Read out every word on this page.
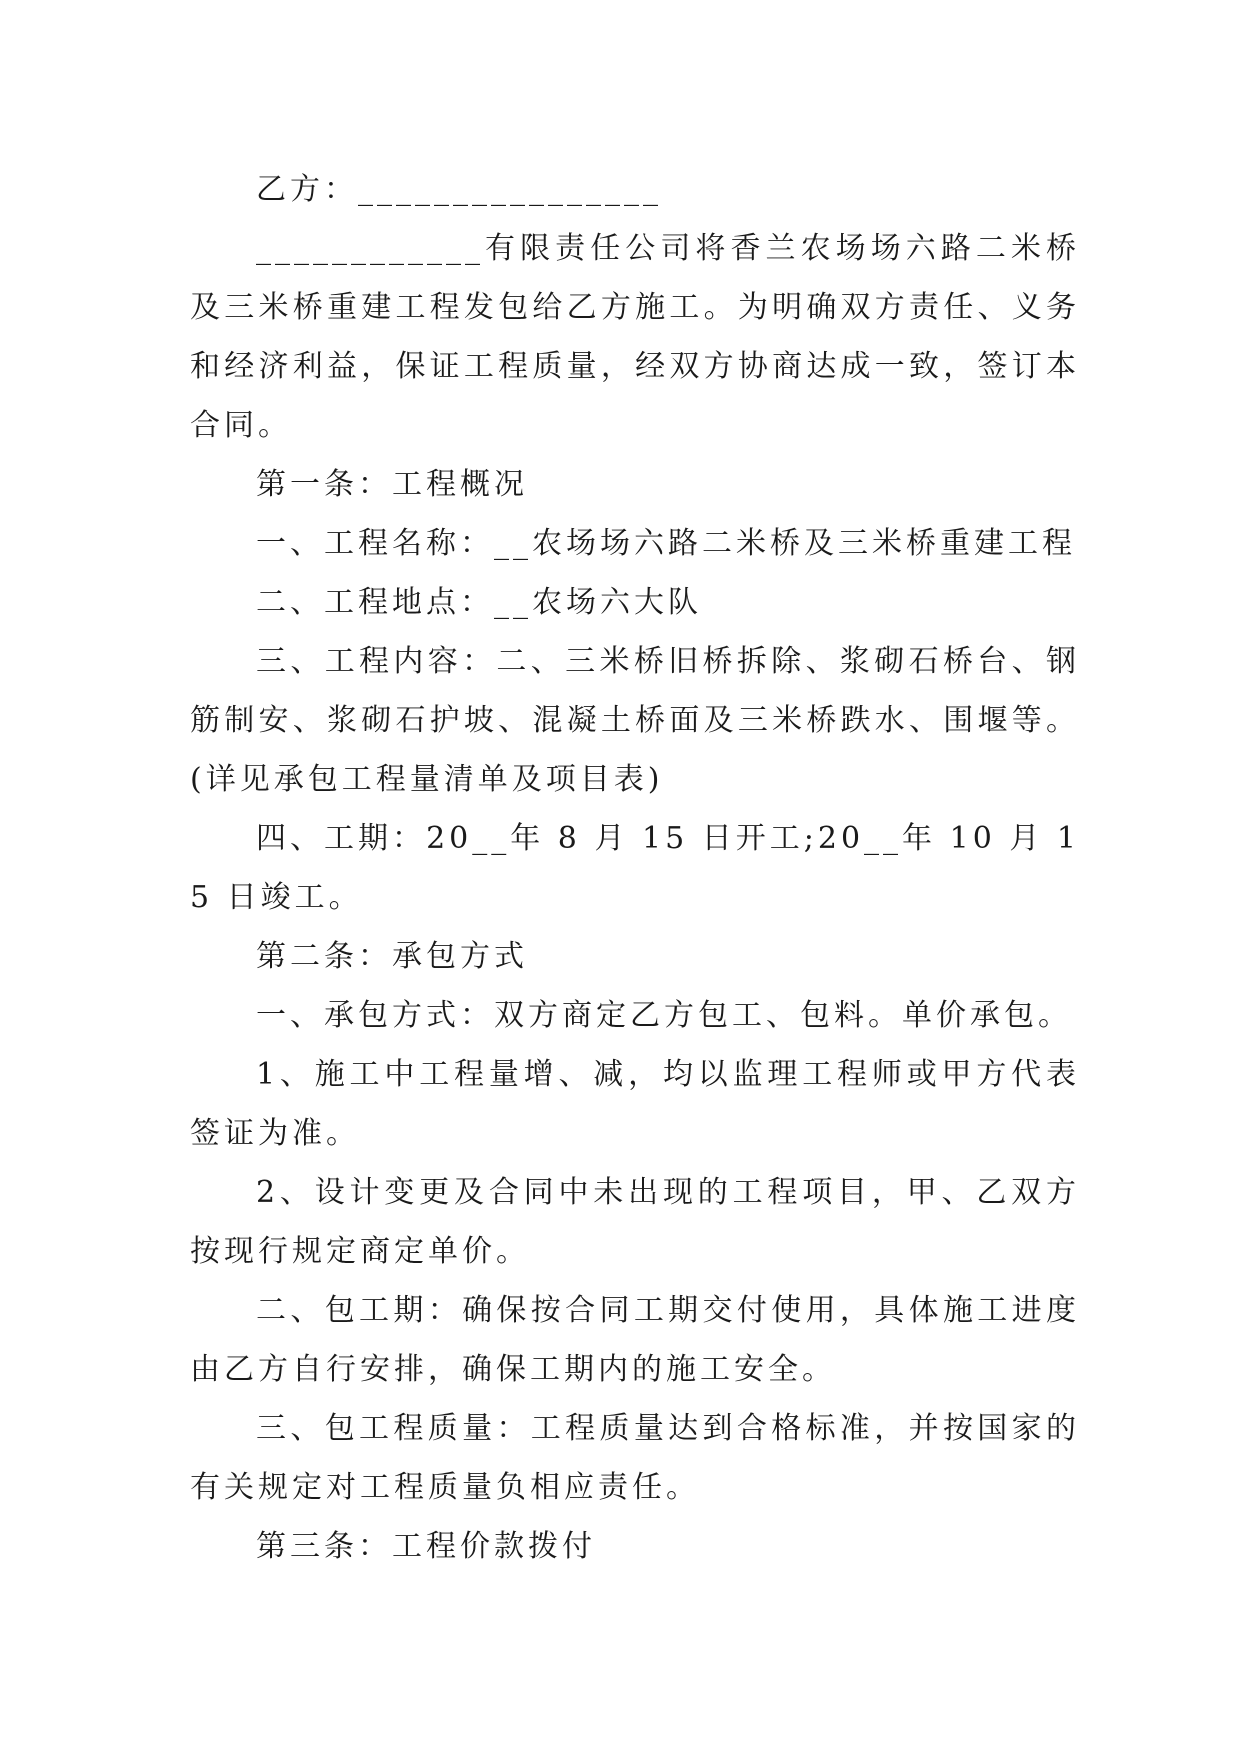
乙方：________________

____________有限责任公司将香兰农场场六路二米桥及三米桥重建工程发包给乙方施工。为明确双方责任、义务和经济利益，保证工程质量，经双方协商达成一致，签订本合同。

第一条：工程概况

一、工程名称：__农场场六路二米桥及三米桥重建工程

二、工程地点：__农场六大队

三、工程内容：二、三米桥旧桥拆除、浆砌石桥台、钢筋制安、浆砌石护坡、混凝土桥面及三米桥跌水、围堰等。(详见承包工程量清单及项目表)

四、工期：20__年 8 月 15 日开工;20__年 10 月 15 日竣工。

第二条：承包方式

一、承包方式：双方商定乙方包工、包料。单价承包。

1、施工中工程量增、减，均以监理工程师或甲方代表签证为准。

2、设计变更及合同中未出现的工程项目，甲、乙双方按现行规定商定单价。

二、包工期：确保按合同工期交付使用，具体施工进度由乙方自行安排，确保工期内的施工安全。

三、包工程质量：工程质量达到合格标准，并按国家的有关规定对工程质量负相应责任。

第三条：工程价款拨付
